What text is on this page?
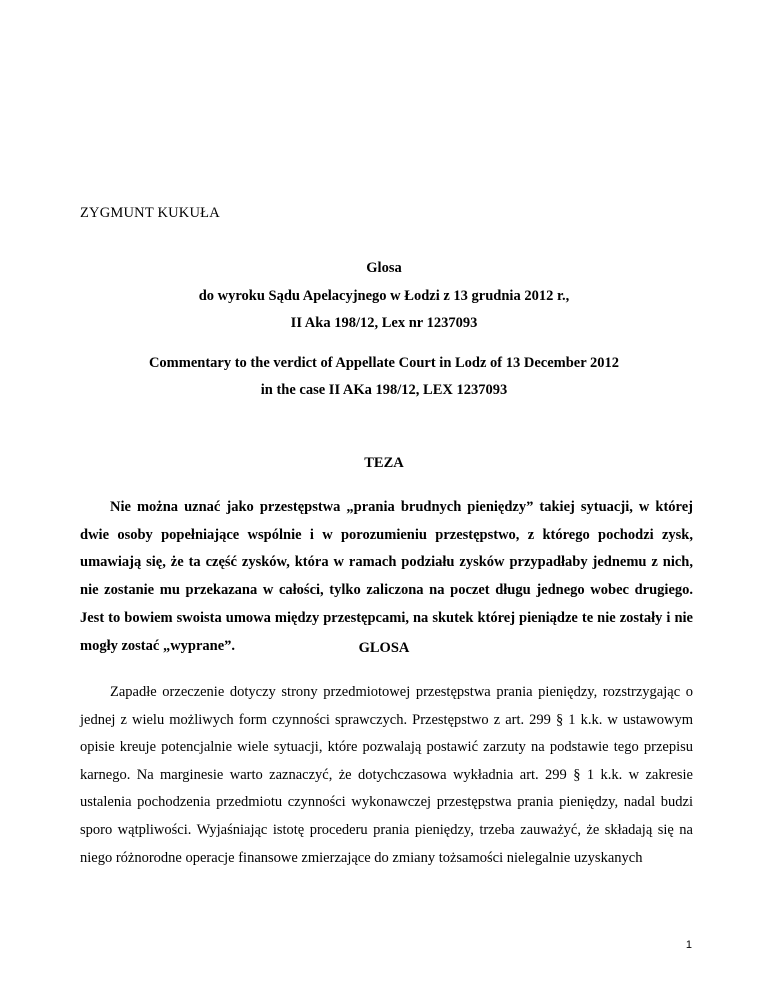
ZYGMUNT KUKUŁA

Glosa

do wyroku Sądu Apelacyjnego w Łodzi z 13 grudnia 2012 r.,

II Aka 198/12, Lex nr 1237093

Commentary to the verdict of Appellate Court in Lodz of 13 December 2012

in the case II AKa 198/12, LEX 1237093

TEZA

Nie można uznać jako przestępstwa „prania brudnych pieniędzy” takiej sytuacji, w której dwie osoby popełniające wspólnie i w porozumieniu przestępstwo, z którego pochodzi zysk, umawiają się, że ta część zysków, która w ramach podziału zysków przypadłaby jednemu z nich, nie zostanie mu przekazana w całości, tylko zaliczona na poczet długu jednego wobec drugiego. Jest to bowiem swoista umowa między przestępcami, na skutek której pieniądze te nie zostały i nie mogły zostać „wyprane”.	GLOSA

Zapadłe orzeczenie dotyczy strony przedmiotowej przestępstwa prania pieniędzy, rozstrzygając o jednej z wielu możliwych form czynności sprawczych. Przestępstwo z art. 299 § 1 k.k. w ustawowym opisie kreuje potencjalnie wiele sytuacji, które pozwalają postawić zarzuty na podstawie tego przepisu karnego. Na marginesie warto zaznaczyć, że dotychczasowa wykładnia art. 299 § 1 k.k. w zakresie ustalenia pochodzenia przedmiotu czynności wykonawczej przestępstwa prania pieniędzy, nadal budzi sporo wątpliwości. Wyjaśniając istotę procederu prania pieniędzy, trzeba zauważyć, że składają się na niego różnorodne operacje finansowe zmierzające do zmiany tożsamości nielegalnie uzyskanych

1
